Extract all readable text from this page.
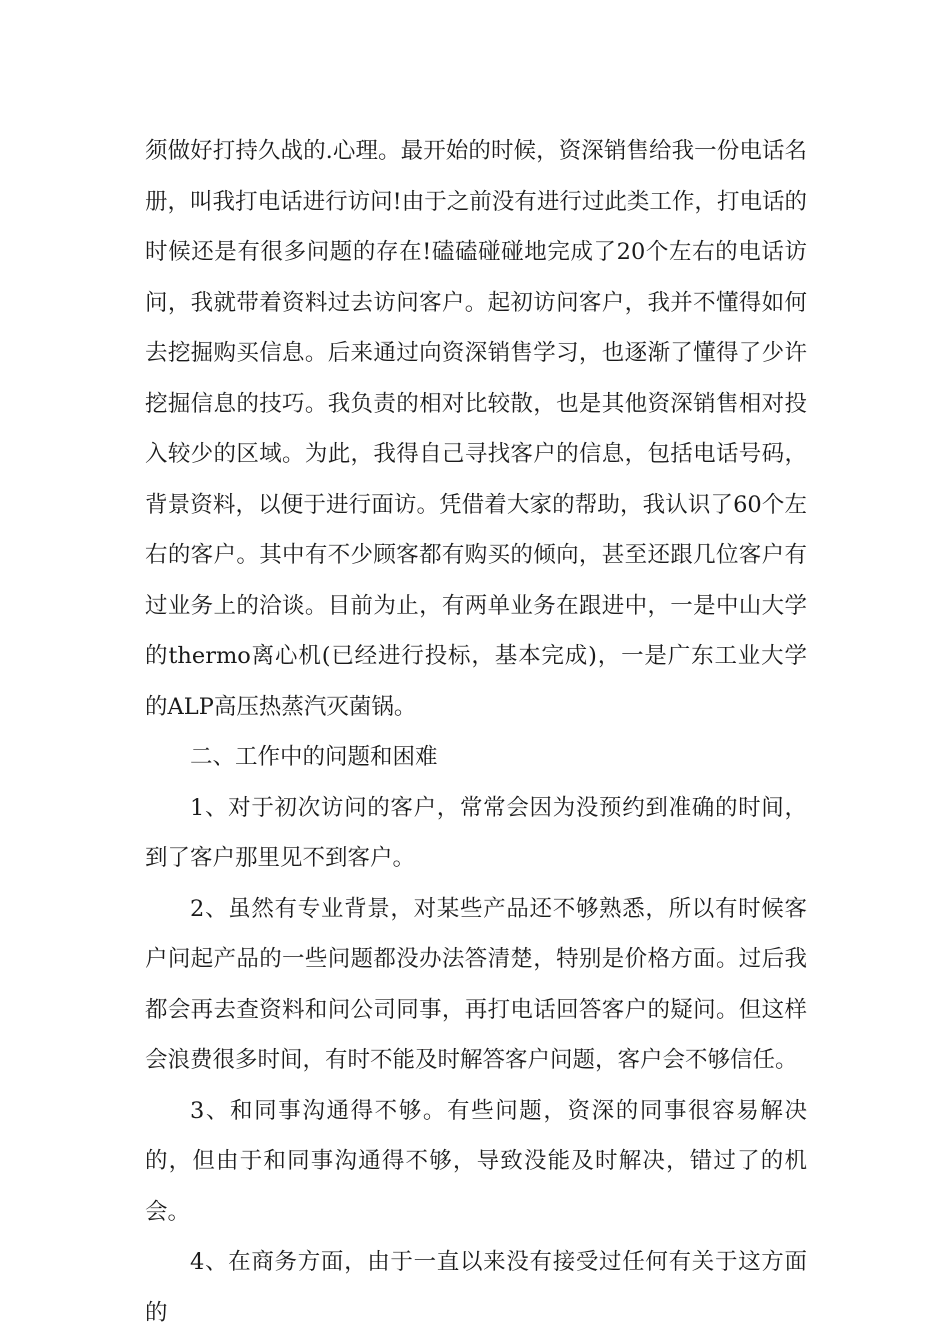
须做好打持久战的.心理。最开始的时候，资深销售给我一份电话名册，叫我打电话进行访问!由于之前没有进行过此类工作，打电话的时候还是有很多问题的存在!磕磕碰碰地完成了20个左右的电话访问，我就带着资料过去访问客户。起初访问客户，我并不懂得如何去挖掘购买信息。后来通过向资深销售学习，也逐渐了懂得了少许挖掘信息的技巧。我负责的相对比较散，也是其他资深销售相对投入较少的区域。为此，我得自己寻找客户的信息，包括电话号码，背景资料，以便于进行面访。凭借着大家的帮助，我认识了60个左右的客户。其中有不少顾客都有购买的倾向，甚至还跟几位客户有过业务上的洽谈。目前为止，有两单业务在跟进中，一是中山大学的thermo离心机(已经进行投标，基本完成)，一是广东工业大学的ALP高压热蒸汽灭菌锅。

二、工作中的问题和困难

1、对于初次访问的客户，常常会因为没预约到准确的时间，到了客户那里见不到客户。

2、虽然有专业背景，对某些产品还不够熟悉，所以有时候客户问起产品的一些问题都没办法答清楚，特别是价格方面。过后我都会再去查资料和问公司同事，再打电话回答客户的疑问。但这样会浪费很多时间，有时不能及时解答客户问题，客户会不够信任。

3、和同事沟通得不够。有些问题，资深的同事很容易解决的，但由于和同事沟通得不够，导致没能及时解决，错过了的机会。

4、在商务方面，由于一直以来没有接受过任何有关于这方面的
